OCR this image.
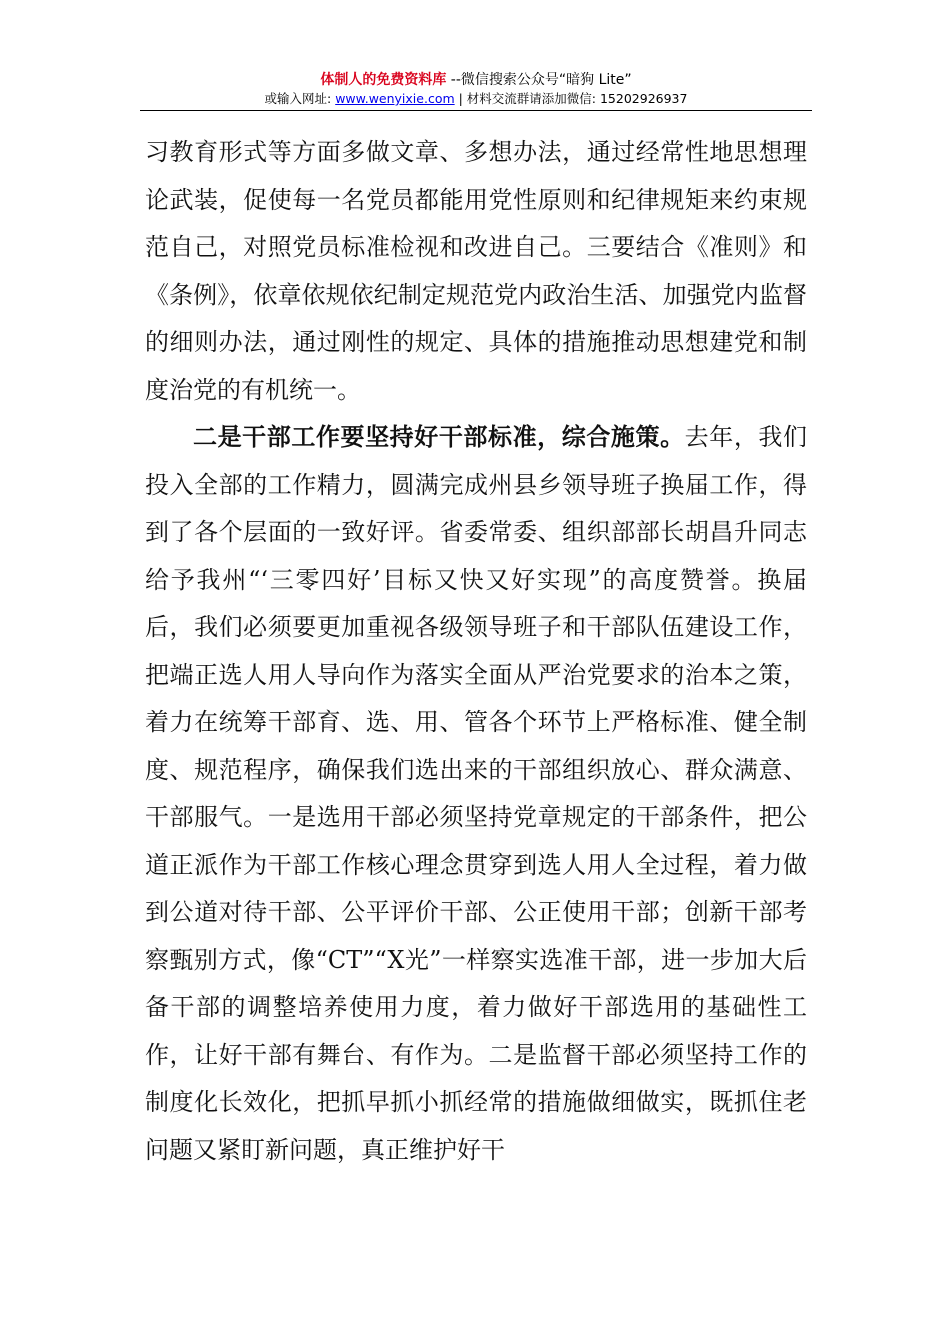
体制人的免费资料库 --微信搜索公众号“暗狗 Lite”
或输入网址: www.wenyixie.com | 材料交流群请添加微信: 15202926937

习教育形式等方面多做文章、多想办法，通过经常性地思想理论武装，促使每一名党员都能用党性原则和纪律规矩来约束规范自己，对照党员标准检视和改进自己。三要结合《准则》和《条例》，依章依规依纪制定规范党内政治生活、加强党内监督的细则办法，通过刚性的规定、具体的措施推动思想建党和制度治党的有机统一。

二是干部工作要坚持好干部标准，综合施策。去年，我们投入全部的工作精力，圆满完成州县乡领导班子换届工作，得到了各个层面的一致好评。省委常委、组织部部长胡昌升同志给予我州“‘三零四好’目标又快又好实现”的高度赞誉。换届后，我们必须要更加重视各级领导班子和干部队伍建设工作，把端正选人用人导向作为落实全面从严治党要求的治本之策，着力在统筹干部育、选、用、管各个环节上严格标准、健全制度、规范程序，确保我们选出来的干部组织放心、群众满意、干部服气。一是选用干部必须坚持党章规定的干部条件，把公道正派作为干部工作核心理念贯穿到选人用人全过程，着力做到公道对待干部、公平评价干部、公正使用干部；创新干部考察甄别方式，像“CT”“X光”一样察实选准干部，进一步加大后备干部的调整培养使用力度，着力做好干部选用的基础性工作，让好干部有舞台、有作为。二是监督干部必须坚持工作的制度化长效化，把抓早抓小抓经常的措施做细做实，既抓住老问题又紧盯新问题，真正维护好干
